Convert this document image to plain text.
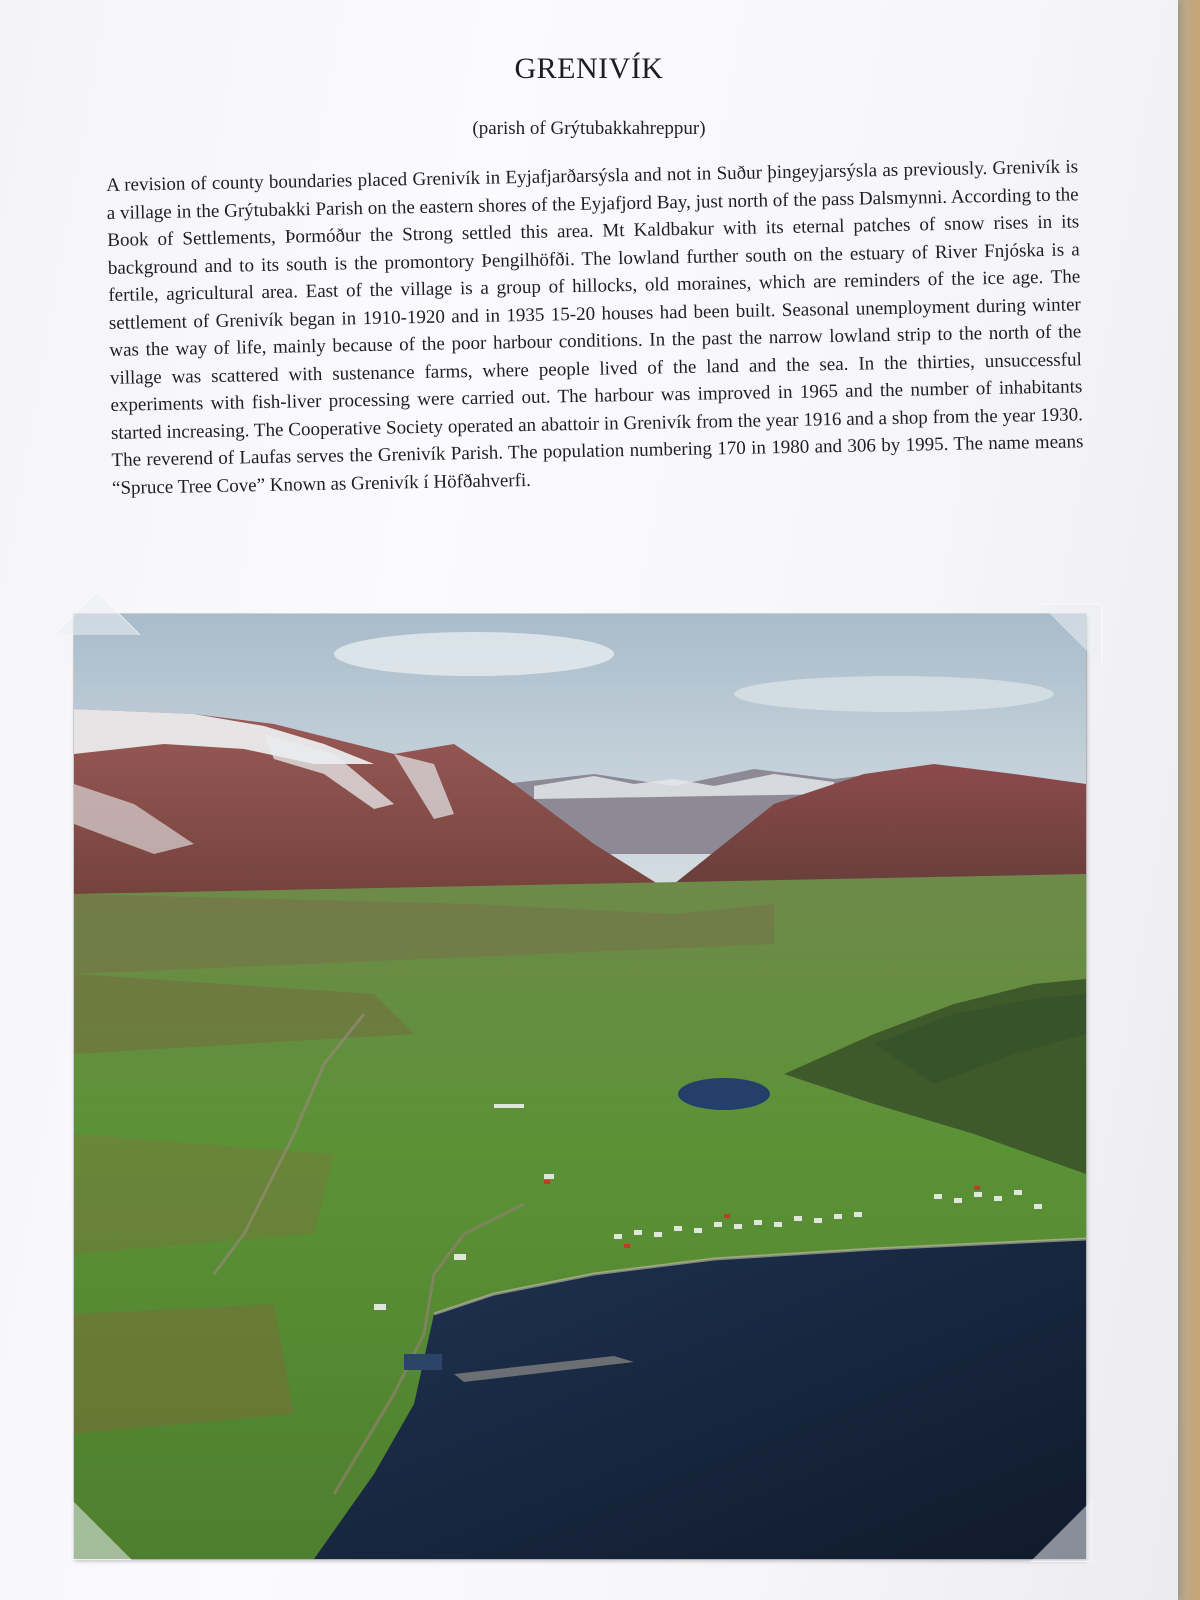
GRENIVÍK
(parish of Grýtubakkahreppur)

A revision of county boundaries placed Grenivík in Eyjafjarðarsýsla and not in Suður þingeyjarsýsla as previously. Grenivík is a village in the Grýtubakki Parish on the eastern shores of the Eyjafjord Bay, just north of the pass Dalsmynni. According to the Book of Settlements, Þormóður the Strong settled this area. Mt Kaldbakur with its eternal patches of snow rises in its background and to its south is the promontory Þengilhöfði. The lowland further south on the estuary of River Fnjóska is a fertile, agricultural area. East of the village is a group of hillocks, old moraines, which are reminders of the ice age. The settlement of Grenivík began in 1910-1920 and in 1935 15-20 houses had been built. Seasonal unemployment during winter was the way of life, mainly because of the poor harbour conditions. In the past the narrow lowland strip to the north of the village was scattered with sustenance farms, where people lived of the land and the sea. In the thirties, unsuccessful experiments with fish-liver processing were carried out. The harbour was improved in 1965 and the number of inhabitants started increasing. The Cooperative Society operated an abattoir in Grenivík from the year 1916 and a shop from the year 1930. The reverend of Laufas serves the Grenivík Parish. The population numbering 170 in 1980 and 306 by 1995. The name means “Spruce Tree Cove” Known as Grenivík í Höfðahverfi.
